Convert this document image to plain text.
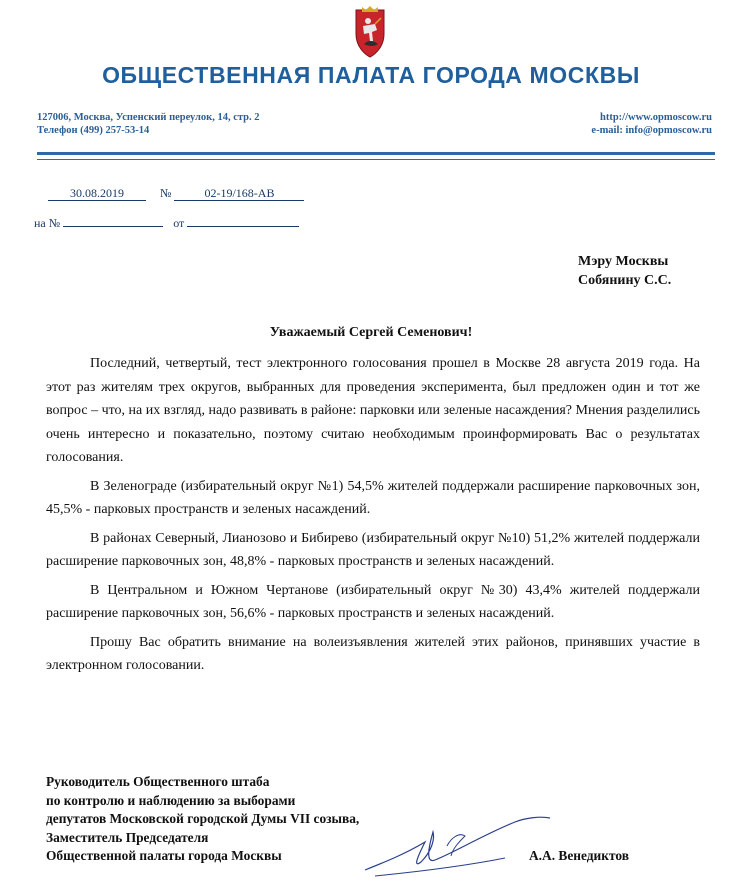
ОБЩЕСТВЕННАЯ ПАЛАТА ГОРОДА МОСКВЫ
127006, Москва, Успенский переулок, 14, стр. 2
Телефон (499) 257-53-14
http://www.opmoscow.ru
e-mail: info@opmoscow.ru
30.08.2019	№	02-19/168-АВ
на №	от
Мэру Москвы
Собянину С.С.
Уважаемый Сергей Семенович!

Последний, четвертый, тест электронного голосования прошел в Москве 28 августа 2019 года. На этот раз жителям трех округов, выбранных для проведения эксперимента, был предложен один и тот же вопрос – что, на их взгляд, надо развивать в районе: парковки или зеленые насаждения? Мнения разделились очень интересно и показательно, поэтому считаю необходимым проинформировать Вас о результатах голосования.

В Зеленограде (избирательный округ №1) 54,5% жителей поддержали расширение парковочных зон, 45,5% - парковых пространств и зеленых насаждений.

В районах Северный, Лианозово и Бибирево (избирательный округ №10) 51,2% жителей поддержали расширение парковочных зон, 48,8% - парковых пространств и зеленых насаждений.

В Центральном и Южном Чертанове (избирательный округ №30) 43,4% жителей поддержали расширение парковочных зон, 56,6% - парковых пространств и зеленых насаждений.

Прошу Вас обратить внимание на волеизъявления жителей этих районов, принявших участие в электронном голосовании.

Руководитель Общественного штаба
по контролю и наблюдению за выборами
депутатов Московской городской Думы VII созыва,
Заместитель Председателя
Общественной палаты города Москвы	А.А. Венедиктов
